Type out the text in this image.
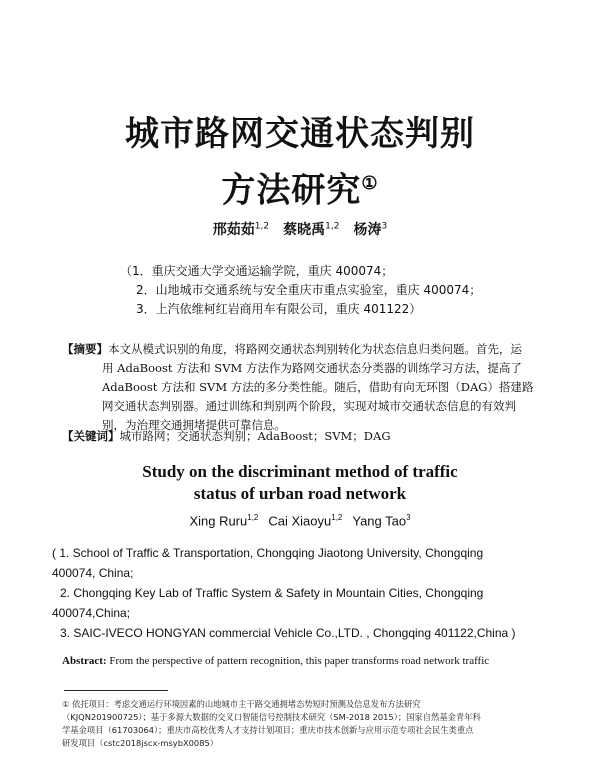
城市路网交通状态判别
方法研究①
邢茹茹$^{1,2}$ 蔡晓禹$^{1,2}$ 杨涛$^3$
（1．重庆交通大学交通运输学院，重庆 400074；
2．山地城市交通系统与安全重庆市重点实验室，重庆 400074；
3．上汽依维柯红岩商用车有限公司，重庆 401122）
【摘要】本文从模式识别的角度，将路网交通状态判别转化为状态信息归类问题。首先，运
用 AdaBoost 方法和 SVM 方法作为路网交通状态分类器的训练学习方法，提高了
AdaBoost 方法和 SVM 方法的多分类性能。随后，借助有向无环图（DAG）搭建路
网交通状态判别器。通过训练和判别两个阶段，实现对城市交通状态信息的有效判
别，为治理交通拥堵提供可靠信息。
【关键词】城市路网；交通状态判别；AdaBoost；SVM；DAG
Study on the discriminant method of traffic
status of urban road network
Xing Ruru$^{1,2}$ Cai Xiaoyu$^{1,2}$ Yang Tao$^3$
( 1. School of Traffic & Transportation, Chongqing Jiaotong University, Chongqing
400074, China;
2. Chongqing Key Lab of Traffic System & Safety in Mountain Cities, Chongqing
400074,China;
3. SAIC-IVECO HONGYAN commercial Vehicle Co.,LTD. , Chongqing 401122,China )
Abstract: From the perspective of pattern recognition, this paper transforms road network traffic
① 依托项目：考虑交通运行环境因素的山地城市主干路交通拥堵态势短时预测及信息发布方法研究
（KJQN201900725）；基于多源大数据的交叉口智能信号控制技术研究（SM-2018 2015）；国家自然基金青年科
学基金项目（61703064）；重庆市高校优秀人才支持计划项目；重庆市技术创新与应用示范专项社会民生类重点
研发项目（cstc2018jscx-msybX0085）
